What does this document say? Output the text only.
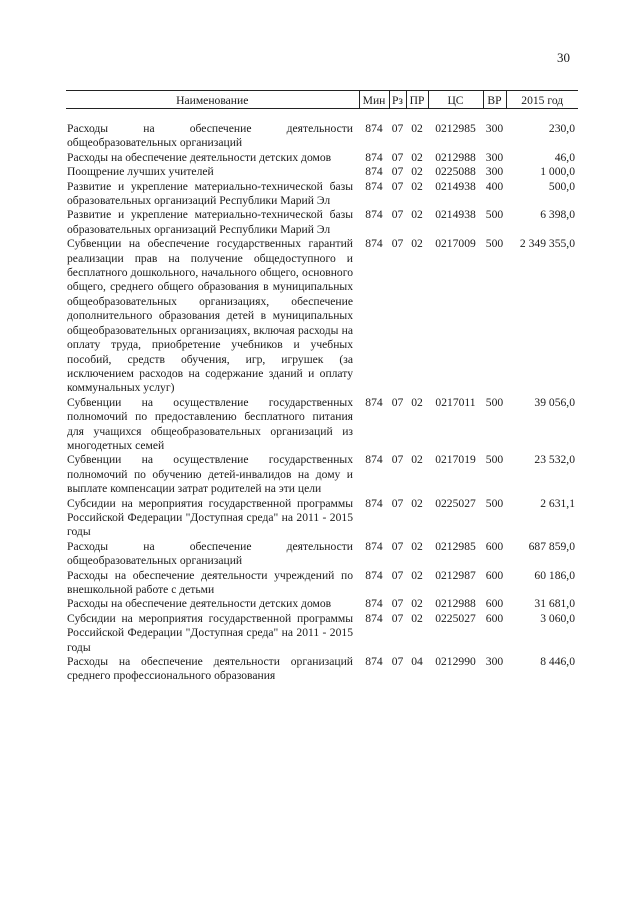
30
Наименование	Мин	Рз	ПР	ЦС	ВР	2015 год
Расходы на обеспечение деятельности общеобразовательных организаций	874	07	02	0212985	300	230,0
Расходы на обеспечение деятельности детских домов	874	07	02	0212988	300	46,0
Поощрение лучших учителей	874	07	02	0225088	300	1 000,0
Развитие и укрепление материально-технической базы образовательных организаций Республики Марий Эл	874	07	02	0214938	400	500,0
Развитие и укрепление материально-технической базы образовательных организаций Республики Марий Эл	874	07	02	0214938	500	6 398,0
Субвенции на обеспечение государственных гарантий реализации прав на получение общедоступного и бесплатного дошкольного, начального общего, основного общего, среднего общего образования в муниципальных общеобразовательных организациях, обеспечение дополнительного образования детей в муниципальных общеобразовательных организациях, включая расходы на оплату труда, приобретение учебников и учебных пособий, средств обучения, игр, игрушек (за исключением расходов на содержание зданий и оплату коммунальных услуг)	874	07	02	0217009	500	2 349 355,0
Субвенции на осуществление государственных полномочий по предоставлению бесплатного питания для учащихся общеобразовательных организаций из многодетных семей	874	07	02	0217011	500	39 056,0
Субвенции на осуществление государственных полномочий по обучению детей-инвалидов на дому и выплате компенсации затрат родителей на эти цели	874	07	02	0217019	500	23 532,0
Субсидии на мероприятия государственной программы Российской Федерации "Доступная среда" на 2011 - 2015 годы	874	07	02	0225027	500	2 631,1
Расходы на обеспечение деятельности общеобразовательных организаций	874	07	02	0212985	600	687 859,0
Расходы на обеспечение деятельности учреждений по внешкольной работе с детьми	874	07	02	0212987	600	60 186,0
Расходы на обеспечение деятельности детских домов	874	07	02	0212988	600	31 681,0
Субсидии на мероприятия государственной программы Российской Федерации "Доступная среда" на 2011 - 2015 годы	874	07	02	0225027	600	3 060,0
Расходы на обеспечение деятельности организаций среднего профессионального образования	874	07	04	0212990	300	8 446,0
